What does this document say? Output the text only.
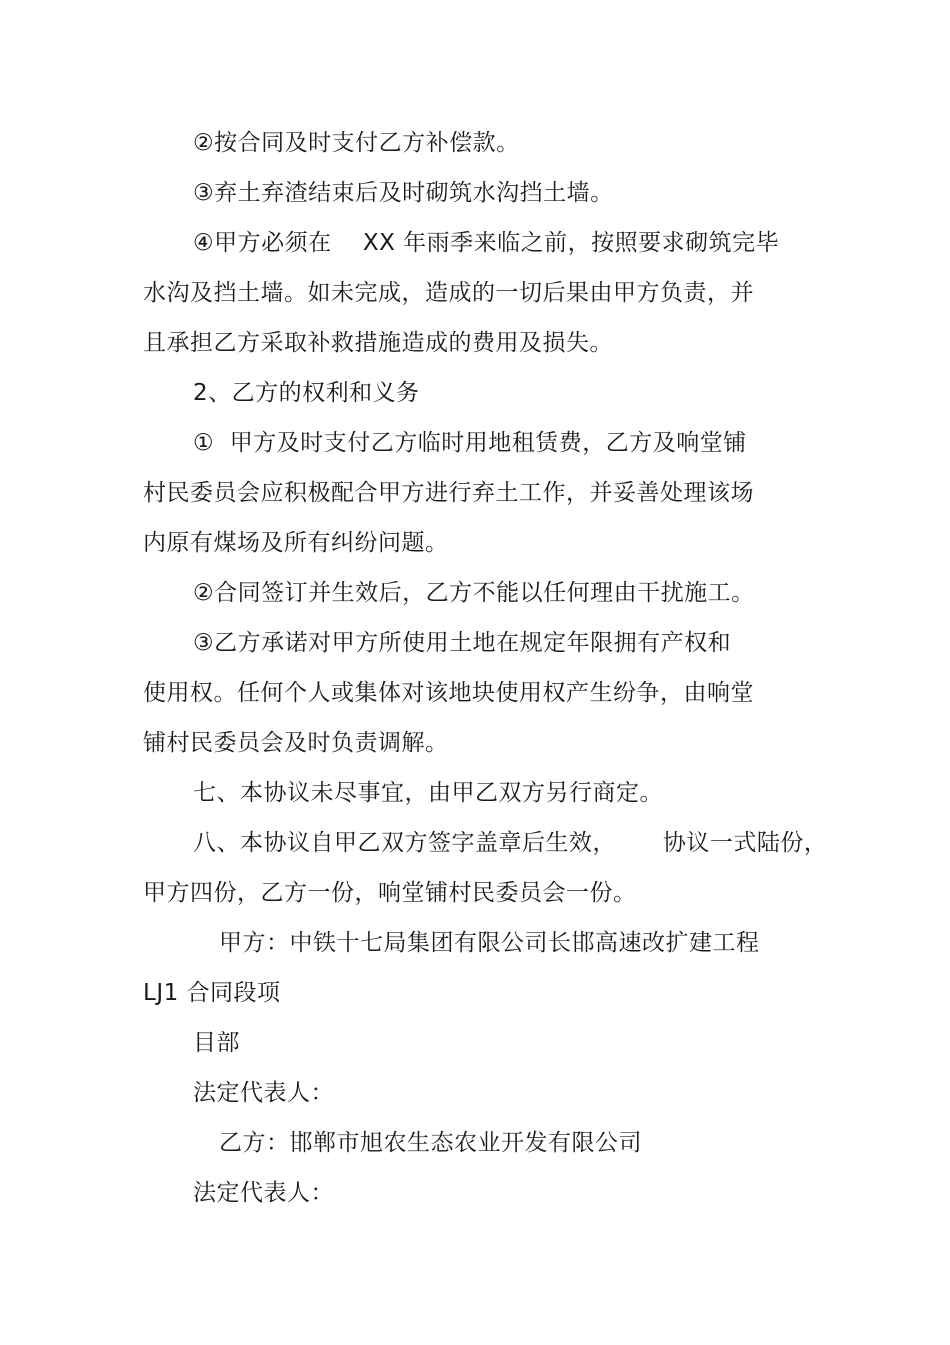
②按合同及时支付乙方补偿款。
③弃土弃渣结束后及时砌筑水沟挡土墙。
④甲方必须在    XX 年雨季来临之前，按照要求砌筑完毕
水沟及挡土墙。如未完成，造成的一切后果由甲方负责，并
且承担乙方采取补救措施造成的费用及损失。
2、乙方的权利和义务
①  甲方及时支付乙方临时用地租赁费，乙方及响堂铺
村民委员会应积极配合甲方进行弃土工作，并妥善处理该场
内原有煤场及所有纠纷问题。
②合同签订并生效后，乙方不能以任何理由干扰施工。
③乙方承诺对甲方所使用土地在规定年限拥有产权和
使用权。任何个人或集体对该地块使用权产生纷争，由响堂
铺村民委员会及时负责调解。
七、本协议未尽事宜，由甲乙双方另行商定。
八、本协议自甲乙双方签字盖章后生效，      协议一式陆份，
甲方四份，乙方一份，响堂铺村民委员会一份。
甲方：中铁十七局集团有限公司长邯高速改扩建工程
LJ1 合同段项
目部
法定代表人：
乙方：邯郸市旭农生态农业开发有限公司
法定代表人：
